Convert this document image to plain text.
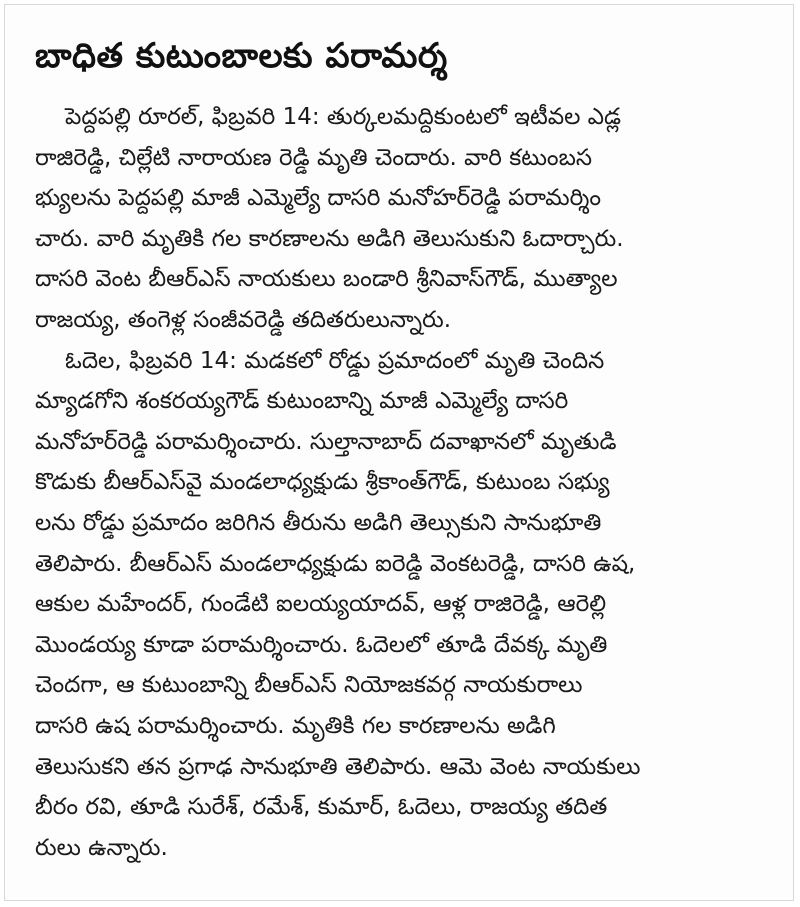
బాధిత కుటుంబాలకు పరామర్శ
పెద్దపల్లి రూరల్, ఫిబ్రవరి 14: తుర్కలమద్దికుంటలో ఇటీవల ఎడ్ల
రాజిరెడ్డి, చిల్లేటి నారాయణ రెడ్డి మృతి చెందారు. వారి కటుంబస
భ్యులను పెద్దపల్లి మాజీ ఎమ్మెల్యే దాసరి మనోహర్‌రెడ్డి పరామర్శిం
చారు. వారి మృతికి గల కారణాలను అడిగి తెలుసుకుని ఓదార్చారు.
దాసరి వెంట బీఆర్‌ఎస్ నాయకులు బండారి శ్రీనివాస్‌గౌడ్, ముత్యాల
రాజయ్య, తంగెళ్ల సంజీవరెడ్డి తదితరులున్నారు.
ఓదెల, ఫిబ్రవరి 14: మడకలో రోడ్డు ప్రమాదంలో మృతి చెందిన
మ్యాడగోని శంకరయ్యగౌడ్ కుటుంబాన్ని మాజీ ఎమ్మెల్యే దాసరి
మనోహర్‌రెడ్డి పరామర్శించారు. సుల్తానాబాద్ దవాఖానలో మృతుడి
కొడుకు బీఆర్‌ఎస్‌వై మండలాధ్యక్షుడు శ్రీకాంత్‌గౌడ్, కుటుంబ సభ్యు
లను రోడ్డు ప్రమాదం జరిగిన తీరును అడిగి తెల్సుకుని సానుభూతి
తెలిపారు. బీఆర్‌ఎస్ మండలాధ్యక్షుడు ఐరెడ్డి వెంకటరెడ్డి, దాసరి ఉష,
ఆకుల మహేందర్, గుండేటి ఐలయ్యయాదవ్, ఆళ్ల రాజిరెడ్డి, ఆరెల్లి
మొండయ్య కూడా పరామర్శించారు. ఓదెలలో తూడి దేవక్క మృతి
చెందగా, ఆ కుటుంబాన్ని బీఆర్‌ఎస్ నియోజకవర్గ నాయకురాలు
దాసరి ఉష పరామర్శించారు. మృతికి గల కారణాలను అడిగి
తెలుసుకని తన ప్రగాఢ సానుభూతి తెలిపారు. ఆమె వెంట నాయకులు
బీరం రవి, తూడి సురేశ్, రమేశ్, కుమార్, ఓదెలు, రాజయ్య తదిత
రులు ఉన్నారు.
